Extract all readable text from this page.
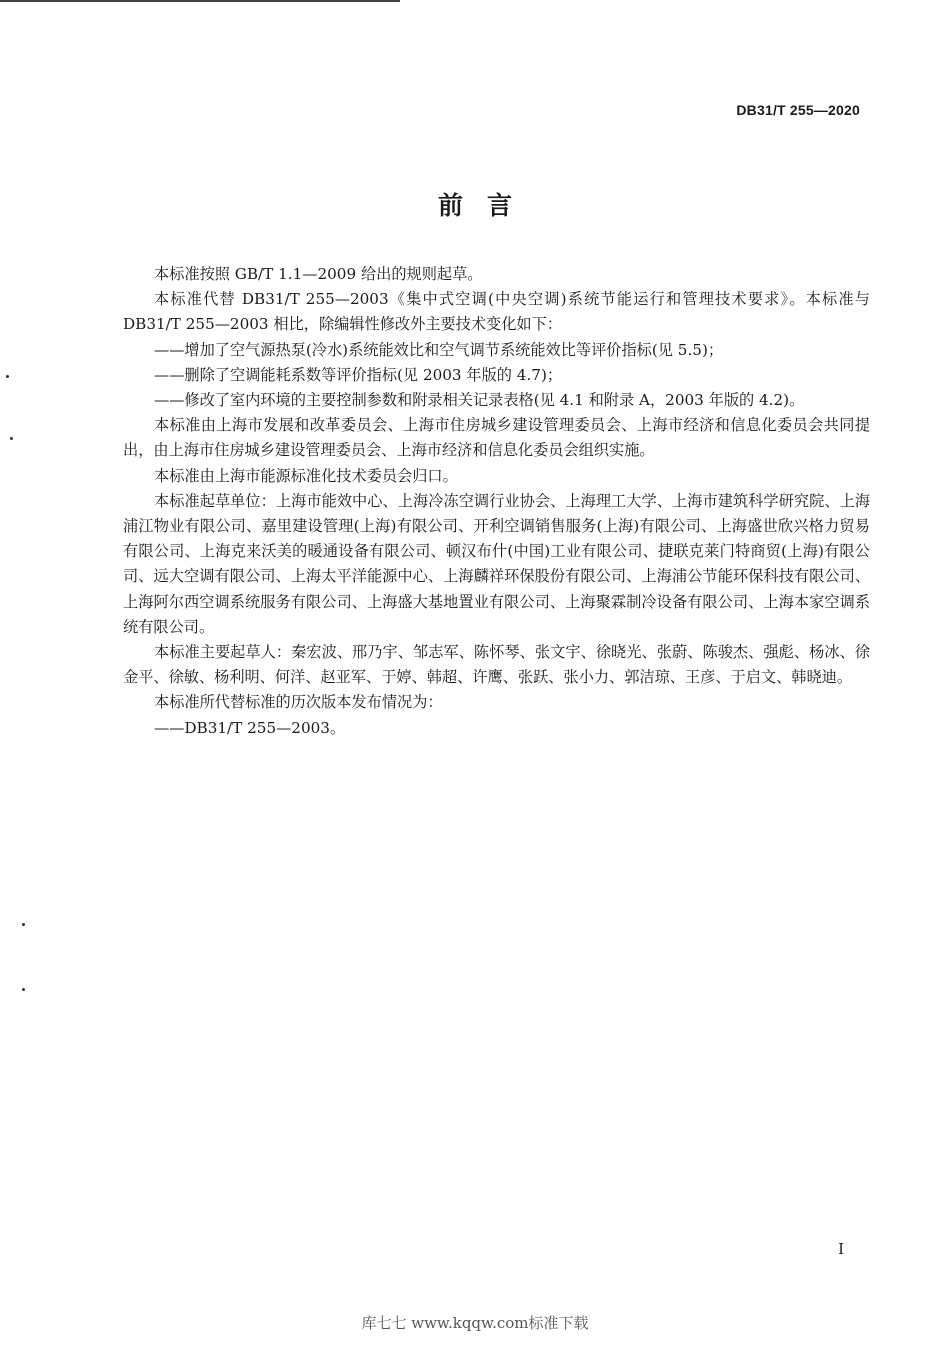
DB31/T 255—2020
前言

本标准按照 GB/T 1.1—2009 给出的规则起草。

本标准代替 DB31/T 255—2003《集中式空调(中央空调)系统节能运行和管理技术要求》。本标准与 DB31/T 255—2003 相比，除编辑性修改外主要技术变化如下：

——增加了空气源热泵(冷水)系统能效比和空气调节系统能效比等评价指标(见 5.5)；

——删除了空调能耗系数等评价指标(见 2003 年版的 4.7)；

——修改了室内环境的主要控制参数和附录相关记录表格(见 4.1 和附录 A，2003 年版的 4.2)。

本标准由上海市发展和改革委员会、上海市住房城乡建设管理委员会、上海市经济和信息化委员会共同提出，由上海市住房城乡建设管理委员会、上海市经济和信息化委员会组织实施。

本标准由上海市能源标准化技术委员会归口。

本标准起草单位：上海市能效中心、上海冷冻空调行业协会、上海理工大学、上海市建筑科学研究院、上海浦江物业有限公司、嘉里建设管理(上海)有限公司、开利空调销售服务(上海)有限公司、上海盛世欣兴格力贸易有限公司、上海克来沃美的暖通设备有限公司、顿汉布什(中国)工业有限公司、捷联克莱门特商贸(上海)有限公司、远大空调有限公司、上海太平洋能源中心、上海麟祥环保股份有限公司、上海浦公节能环保科技有限公司、上海阿尔西空调系统服务有限公司、上海盛大基地置业有限公司、上海聚霖制冷设备有限公司、上海本家空调系统有限公司。

本标准主要起草人：秦宏波、邢乃宇、邹志军、陈怀琴、张文宇、徐晓光、张蔚、陈骏杰、强彪、杨冰、徐金平、徐敏、杨利明、何洋、赵亚军、于婷、韩超、许鹰、张跃、张小力、郭洁琼、王彦、于启文、韩晓迪。

本标准所代替标准的历次版本发布情况为：

——DB31/T 255—2003。

I
库七七 www.kqqw.com标准下载
